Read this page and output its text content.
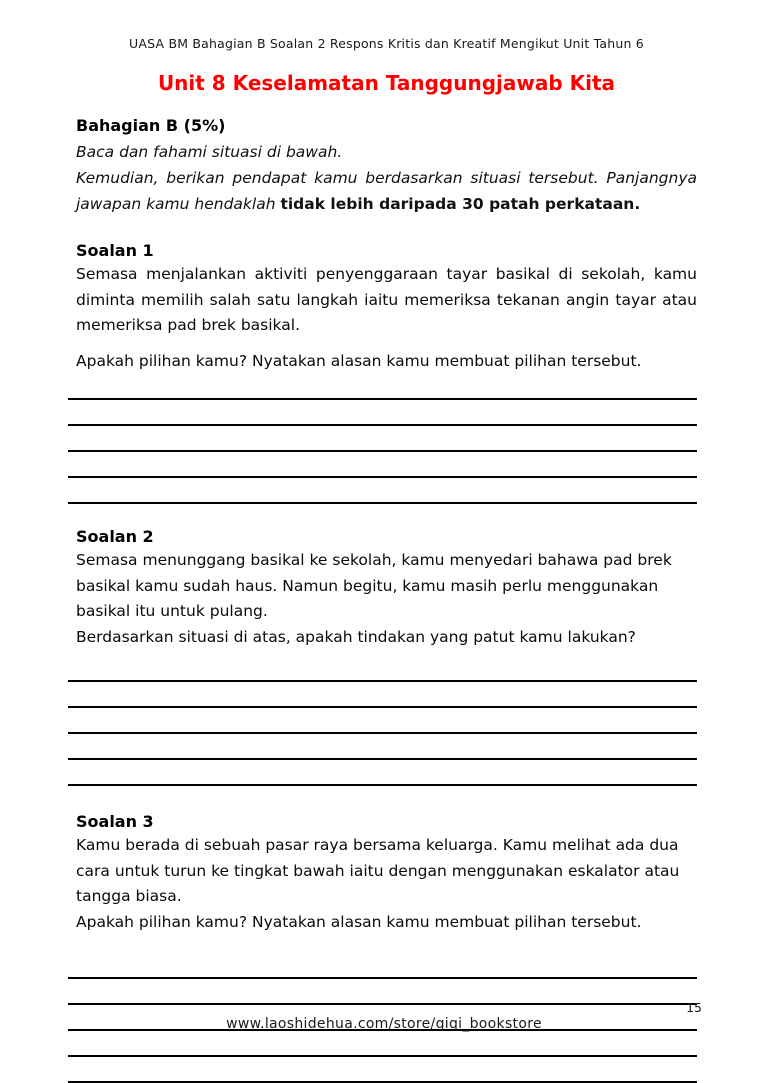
UASA BM Bahagian B Soalan 2 Respons Kritis dan Kreatif Mengikut Unit Tahun 6
Unit 8 Keselamatan Tanggungjawab Kita
Bahagian B (5%)
Baca dan fahami situasi di bawah.
Kemudian, berikan pendapat kamu berdasarkan situasi tersebut. Panjangnya jawapan kamu hendaklah tidak lebih daripada 30 patah perkataan.
Soalan 1

Semasa menjalankan aktiviti penyenggaraan tayar basikal di sekolah, kamu diminta memilih salah satu langkah iaitu memeriksa tekanan angin tayar atau memeriksa pad brek basikal.

Apakah pilihan kamu? Nyatakan alasan kamu membuat pilihan tersebut.

Soalan 2

Semasa menunggang basikal ke sekolah, kamu menyedari bahawa pad brek basikal kamu sudah haus. Namun begitu, kamu masih perlu menggunakan basikal itu untuk pulang.

Berdasarkan situasi di atas, apakah tindakan yang patut kamu lakukan?

Soalan 3

Kamu berada di sebuah pasar raya bersama keluarga. Kamu melihat ada dua cara untuk turun ke tingkat bawah iaitu dengan menggunakan eskalator atau tangga biasa.

Apakah pilihan kamu? Nyatakan alasan kamu membuat pilihan tersebut.

15
www.laoshidehua.com/store/qiqi_bookstore
